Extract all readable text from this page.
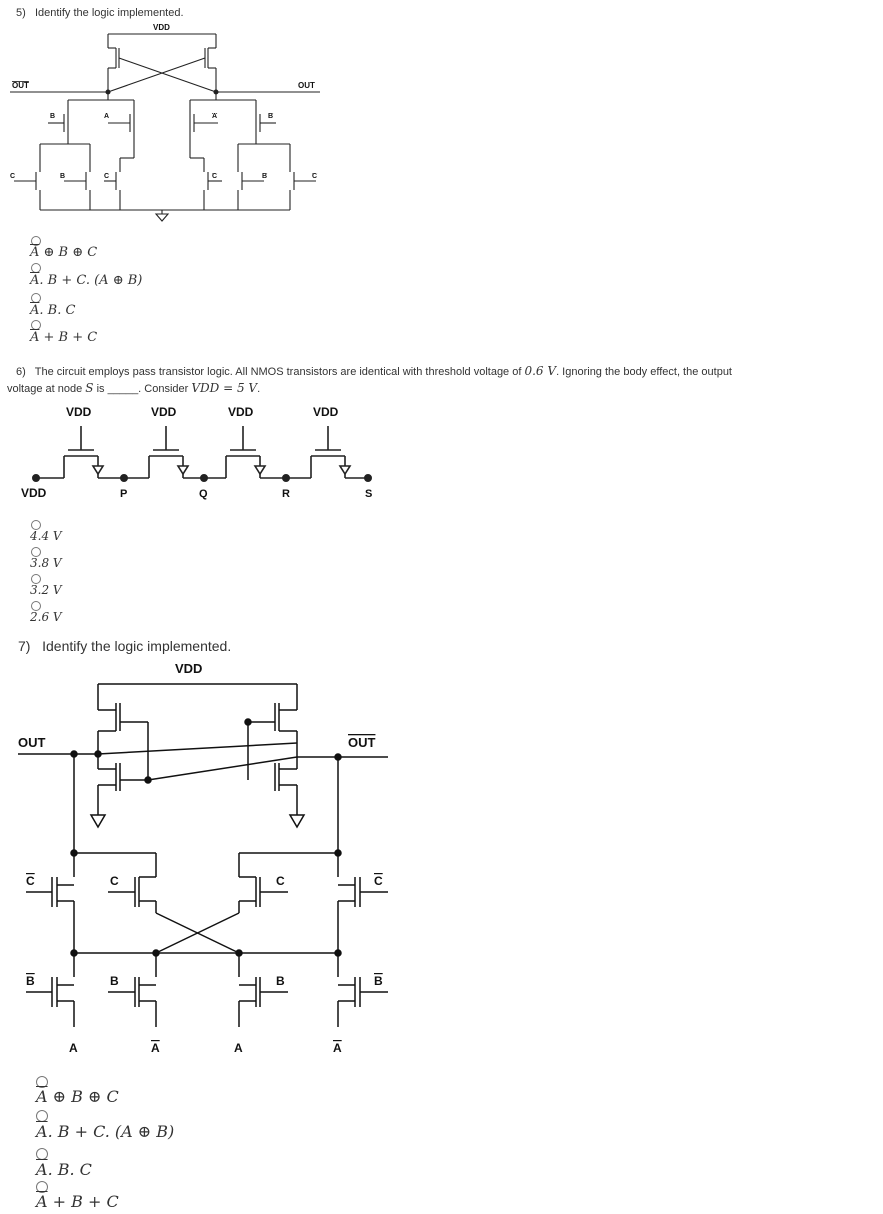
5) Identify the logic implemented.
VDD
OUT	OUT
B	A
C	B	C
A	B
C	B	C
$\overline{A}$ ⊕ B ⊕ C
$\overline{A}$. B + C. (A ⊕ B)
$\overline{A}$. B. C
$\overline{A} + B + C$
6) The circuit employs pass transistor logic. All NMOS transistors are identical with threshold voltage of 0.6 V. Ignoring the body effect, the output
voltage at node S is _____. Consider VDD = 5 V.
VDD	VDD	VDD	VDD
VDD	P	Q	R	S
4.4 V
3.8 V
3.2 V
2.6 V
7) Identify the logic implemented.
VDD
OUT	OUT
C	C	C	C
B	B	B	B
A	A	A	A
$\overline{A}$ ⊕ B ⊕ C
$\overline{A}$. B + C. (A ⊕ B)
$\overline{A}$. B. C
$\overline{A} + B + C$
